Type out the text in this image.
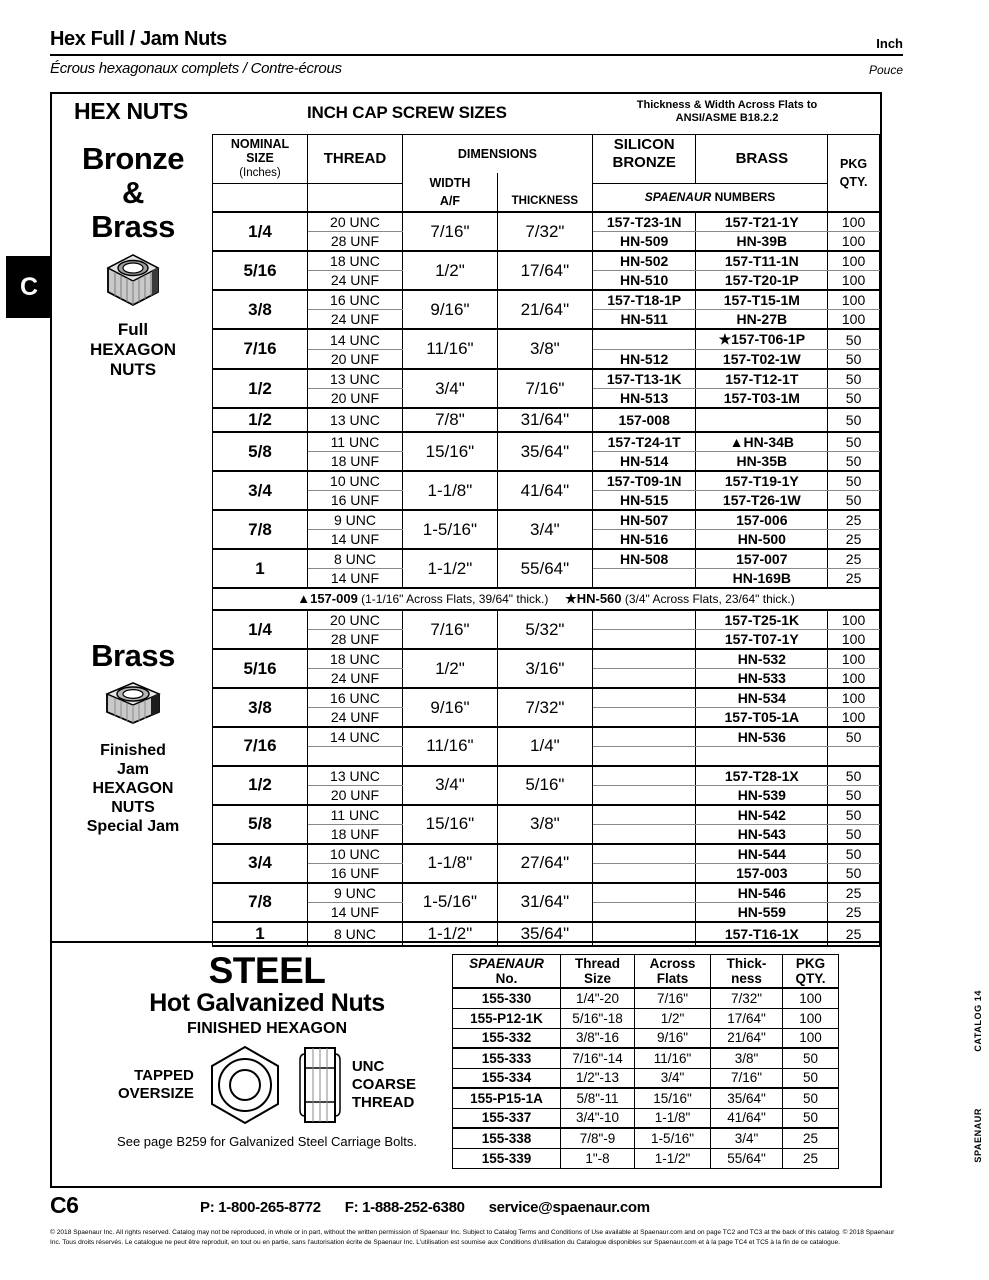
Hex Full / Jam Nuts	Inch
Écrous hexagonaux complets / Contre-écrous	Pouce
C
HEX NUTS	INCH CAP SCREW SIZES	Thickness & Width Across Flats to ANSI/ASME B18.2.2
Bronze
&
Brass
Full
HEXAGON
NUTS
Brass
Finished
Jam
HEXAGON
NUTS
Special Jam
NOMINAL
SIZE
(Inches)	THREAD	DIMENSIONS		SILICON
BRONZE	BRASS	PKG
QTY.
		WIDTH
A/F	THICKNESS			
				SPAENAUR NUMBERS		
1/4	20 UNC	7/16"	7/32"	157-T23-1N	157-T21-1Y	100
	28 UNF			HN-509	HN-39B	100
5/16	18 UNC	1/2"	17/64"	HN-502	157-T11-1N	100
	24 UNF			HN-510	157-T20-1P	100
3/8	16 UNC	9/16"	21/64"	157-T18-1P	157-T15-1M	100
	24 UNF			HN-511	HN-27B	100
7/16	14 UNC	11/16"	3/8"		★157-T06-1P	50
	20 UNF			HN-512	157-T02-1W	50
1/2	13 UNC	3/4"	7/16"	157-T13-1K	157-T12-1T	50
	20 UNF			HN-513	157-T03-1M	50
1/2	13 UNC	7/8"	31/64"	157-008		50
5/8	11 UNC	15/16"	35/64"	157-T24-1T	▲HN-34B	50
	18 UNF			HN-514	HN-35B	50
3/4	10 UNC	1-1/8"	41/64"	157-T09-1N	157-T19-1Y	50
	16 UNF			HN-515	157-T26-1W	50
7/8	9 UNC	1-5/16"	3/4"	HN-507	157-006	25
	14 UNF			HN-516	HN-500	25
1	8 UNC	1-1/2"	55/64"	HN-508	157-007	25
	14 UNF				HN-169B	25
▲157-009 (1-1/16" Across Flats, 39/64" thick.) ★HN-560 (3/4" Across Flats, 23/64" thick.)						
1/4	20 UNC	7/16"	5/32"		157-T25-1K	100
	28 UNF				157-T07-1Y	100
5/16	18 UNC	1/2"	3/16"		HN-532	100
	24 UNF				HN-533	100
3/8	16 UNC	9/16"	7/32"		HN-534	100
	24 UNF				157-T05-1A	100
7/16	14 UNC	11/16"	1/4"		HN-536	50

1/2	13 UNC	3/4"	5/16"		157-T28-1X	50
	20 UNF				HN-539	50
5/8	11 UNC	15/16"	3/8"		HN-542	50
	18 UNF				HN-543	50
3/4	10 UNC	1-1/8"	27/64"		HN-544	50
	16 UNF				157-003	50
7/8	9 UNC	1-5/16"	31/64"		HN-546	25
	14 UNF				HN-559	25
1	8 UNC	1-1/2"	35/64"		157-T16-1X	25
STEEL
Hot Galvanized Nuts
FINISHED HEXAGON
TAPPED
OVERSIZE
UNC
COARSE
THREAD
See page B259 for Galvanized Steel Carriage Bolts.
SPAENAUR
No.	Thread Size	Across Flats	Thick- ness	PKG QTY.
155-330	1/4"-20	7/16"	7/32"	100
155-P12-1K	5/16"-18	1/2"	17/64"	100
155-332	3/8"-16	9/16"	21/64"	100
155-333	7/16"-14	11/16"	3/8"	50
155-334	1/2"-13	3/4"	7/16"	50
155-P15-1A	5/8"-11	15/16"	35/64"	50
155-337	3/4"-10	1-1/8"	41/64"	50
155-338	7/8"-9	1-5/16"	3/4"	25
155-339	1"-8	1-1/2"	55/64"	25
C6	P: 1-800-265-8772 F: 1-888-252-6380 service@spaenaur.com
© 2018 Spaenaur Inc. All rights reserved. Catalog may not be reproduced, in whole or in part, without the written permission of Spaenaur Inc. Subject to Catalog Terms and Conditions of Use available at Spaenaur.com and on page TC2 and TC3 at the back of this catalog. © 2018 Spaenaur Inc. Tous droits réservés. Le catalogue ne peut être reproduit, en tout ou en partie, sans l'autorisation écrite de Spaenaur Inc. L'utilisation est soumise aux Conditions d'utilisation du Catalogue disponibles sur Spaenaur.com et à la page TC4 et TC5 à la fin de ce catalogue.
CATALOG 14
SPAENAUR
